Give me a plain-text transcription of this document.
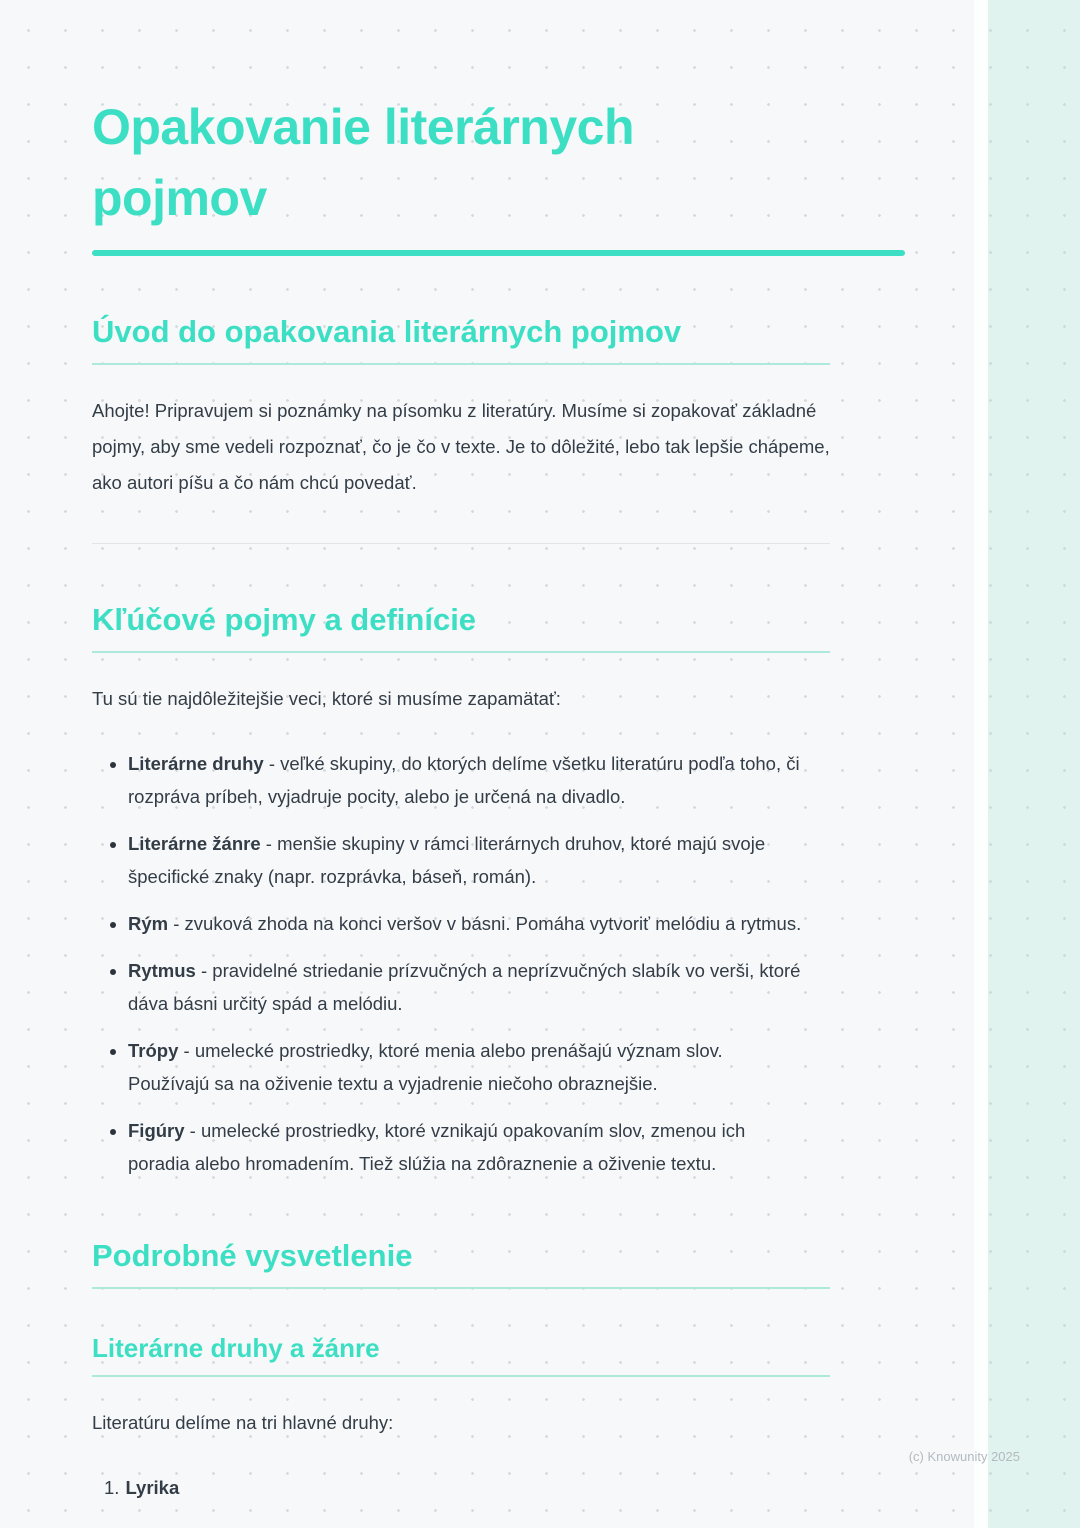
Opakovanie literárnych pojmov
Úvod do opakovania literárnych pojmov

Ahojte! Pripravujem si poznámky na písomku z literatúry. Musíme si zopakovať základné pojmy, aby sme vedeli rozpoznať, čo je čo v texte. Je to dôležité, lebo tak lepšie chápeme, ako autori píšu a čo nám chcú povedať.

Kľúčové pojmy a definície

Tu sú tie najdôležitejšie veci, ktoré si musíme zapamätať:

• Literárne druhy - veľké skupiny, do ktorých delíme všetku literatúru podľa toho, či rozpráva príbeh, vyjadruje pocity, alebo je určená na divadlo.
• Literárne žánre - menšie skupiny v rámci literárnych druhov, ktoré majú svoje špecifické znaky (napr. rozprávka, báseň, román).
• Rým - zvuková zhoda na konci veršov v básni. Pomáha vytvoriť melódiu a rytmus.
• Rytmus - pravidelné striedanie prízvučných a neprízvučných slabík vo verši, ktoré dáva básni určitý spád a melódiu.
• Trópy - umelecké prostriedky, ktoré menia alebo prenášajú význam slov. Používajú sa na oživenie textu a vyjadrenie niečoho obraznejšie.
• Figúry - umelecké prostriedky, ktoré vznikajú opakovaním slov, zmenou ich poradia alebo hromadením. Tiež slúžia na zdôraznenie a oživenie textu.
Podrobné vysvetlenie
Literárne druhy a žánre

Literatúru delíme na tri hlavné druhy:

1. Lyrika
(c) Knowunity 2025
